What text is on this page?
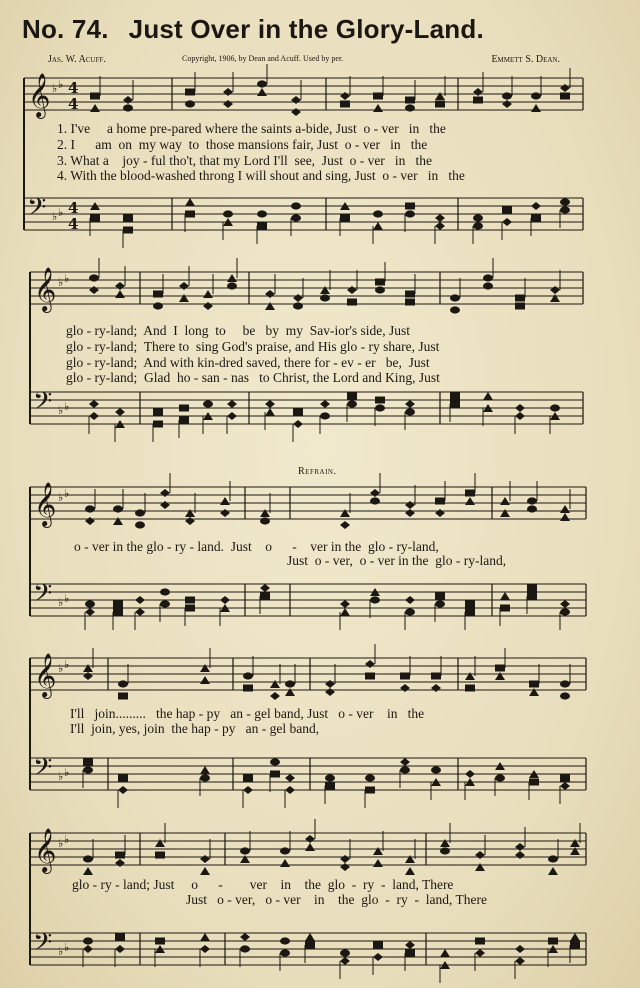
No. 74. Just Over in the Glory-Land.
Jas. W. Acuff.	Copyright, 1906, by Dean and Acuff. Used by per.	Emmett S. Dean.
𝄞
𝄢
♭ ♭
♭ ♭
4
4
4
4
𝄞
𝄢
♭ ♭
♭ ♭
𝄞
𝄢
♭ ♭
♭ ♭
𝄞
𝄢
♭ ♭
♭ ♭
𝄞
𝄢
♭ ♭
♭ ♭
1. I've     a home pre-pared where the saints a-bide, Just  o - ver   in   the
2. I      am  on  my way  to  those mansions fair, Just  o - ver   in   the
3. What a    joy - ful tho't, that my Lord I'll  see,  Just  o - ver   in   the
4. With the blood-washed throng I will shout and sing, Just  o - ver   in   the
glo - ry-land;  And  I  long  to     be   by  my  Sav-ior's side, Just
glo - ry-land;  There to  sing God's praise, and His glo - ry share, Just
glo - ry-land;  And with kin-dred saved, there for - ev - er   be,  Just
glo - ry-land;  Glad  ho - san - nas   to Christ, the Lord and King, Just
Refrain.
o - ver in the glo - ry - land.  Just    o      -    ver in the  glo - ry-land,
Just  o - ver,  o - ver in the  glo - ry-land,
I'll   join.........   the hap - py   an - gel band, Just   o - ver    in   the
I'll  join, yes, join  the hap - py   an - gel band,
glo - ry - land; Just     o      -        ver    in    the  glo  -  ry  -  land, There
Just   o - ver,   o - ver    in    the  glo  -  ry  -  land, There
